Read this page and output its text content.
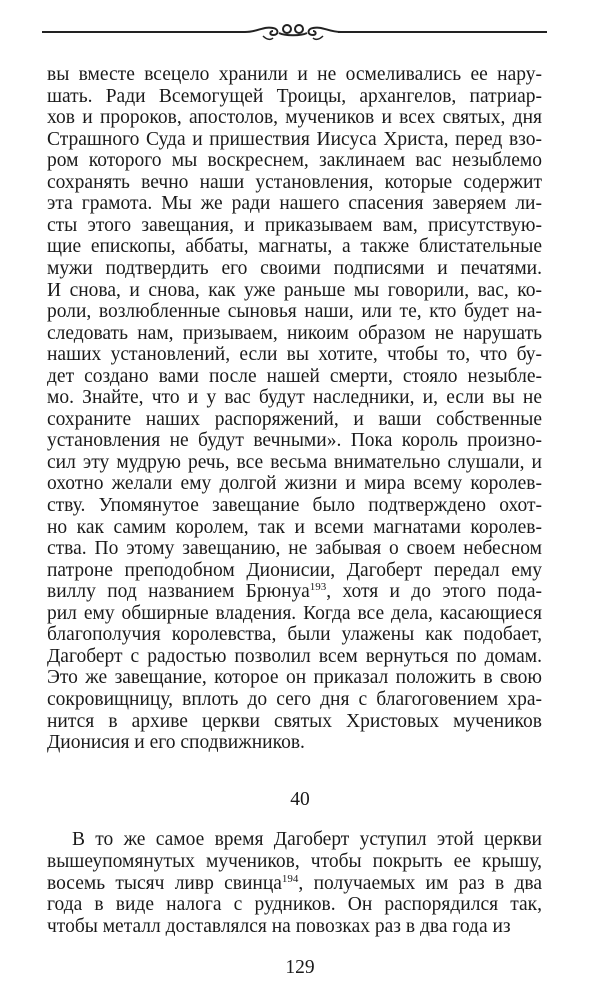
вы вместе всецело хранили и не осмеливались ее нару-
шать. Ради Всемогущей Троицы, архангелов, патриар-
хов и пророков, апостолов, мучеников и всех святых, дня
Страшного Суда и пришествия Иисуса Христа, перед взо-
ром которого мы воскреснем, заклинаем вас незыблемо
сохранять вечно наши установления, которые содержит
эта грамота. Мы же ради нашего спасения заверяем ли-
сты этого завещания, и приказываем вам, присутствую-
щие епископы, аббаты, магнаты, а также блистательные
мужи подтвердить его своими подписями и печатями.
И снова, и снова, как уже раньше мы говорили, вас, ко-
роли, возлюбленные сыновья наши, или те, кто будет на-
следовать нам, призываем, никоим образом не нарушать
наших установлений, если вы хотите, чтобы то, что бу-
дет создано вами после нашей смерти, стояло незыбле-
мо. Знайте, что и у вас будут наследники, и, если вы не
сохраните наших распоряжений, и ваши собственные
установления не будут вечными». Пока король произно-
сил эту мудрую речь, все весьма внимательно слушали, и
охотно желали ему долгой жизни и мира всему королев-
ству. Упомянутое завещание было подтверждено охот-
но как самим королем, так и всеми магнатами королев-
ства. По этому завещанию, не забывая о своем небесном
патроне преподобном Дионисии, Дагоберт передал ему
виллу под названием Брюнуа$^{193}$, хотя и до этого пода-
рил ему обширные владения. Когда все дела, касающиеся
благополучия королевства, были улажены как подобает,
Дагоберт с радостью позволил всем вернуться по домам.
Это же завещание, которое он приказал положить в свою
сокровищницу, вплоть до сего дня с благоговением хра-
нится в архиве церкви святых Христовых мучеников
Дионисия и его сподвижников.
40
В то же самое время Дагоберт уступил этой церкви
вышеупомянутых мучеников, чтобы покрыть ее крышу,
восемь тысяч ливр свинца$^{194}$, получаемых им раз в два
года в виде налога с рудников. Он распорядился так,
чтобы металл доставлялся на повозках раз в два года из
129
